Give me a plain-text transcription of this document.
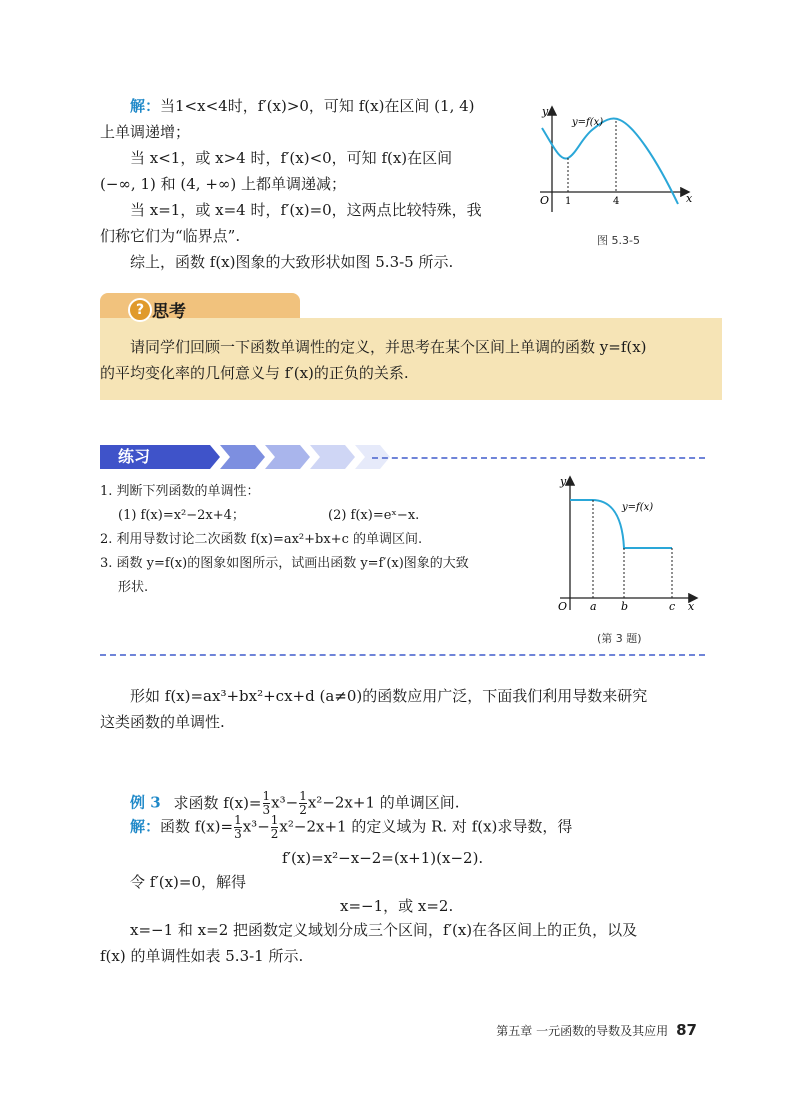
解：当1<x<4时，f′(x)>0，可知 f(x)在区间 (1, 4)
上单调递增；
当 x<1，或 x>4 时，f′(x)<0，可知 f(x)在区间
(−∞, 1) 和 (4, +∞) 上都单调递减；
当 x=1，或 x=4 时，f′(x)=0，这两点比较特殊，我
们称它们为“临界点”.
综上，函数 f(x)图象的大致形状如图 5.3-5 所示.
y
x
O
y=f(x)
1	4
图 5.3-5
? 思考
请同学们回顾一下函数单调性的定义，并思考在某个区间上单调的函数 y=f(x)
的平均变化率的几何意义与 f′(x)的正负的关系.
练习
1. 判断下列函数的单调性：
(1) f(x)=x²−2x+4；	(2) f(x)=eˣ−x.
2. 利用导数讨论二次函数 f(x)=ax²+bx+c 的单调区间.
3. 函数 y=f(x)的图象如图所示，试画出函数 y=f′(x)图象的大致
形状.
y
x
O
y=f(x)
a b	c
(第 3 题)
形如 f(x)=ax³+bx²+cx+d (a≠0)的函数应用广泛，下面我们利用导数来研究
这类函数的单调性.
例 3 求函数 $f(x)= \frac{1}{3} x^3- \frac{1}{2} x^2-2x+1$ 的单调区间.
解：函数 $f(x)= \frac{1}{3} x^3- \frac{1}{2} x^2-2x+1$ 的定义域为 R. 对 f(x)求导数，得
f′(x)=x²−x−2=(x+1)(x−2).
令 f′(x)=0，解得
x=−1，或 x=2.
x=−1 和 x=2 把函数定义域划分成三个区间，f′(x)在各区间上的正负，以及
f(x) 的单调性如表 5.3-1 所示.
第五章 一元函数的导数及其应用 87
